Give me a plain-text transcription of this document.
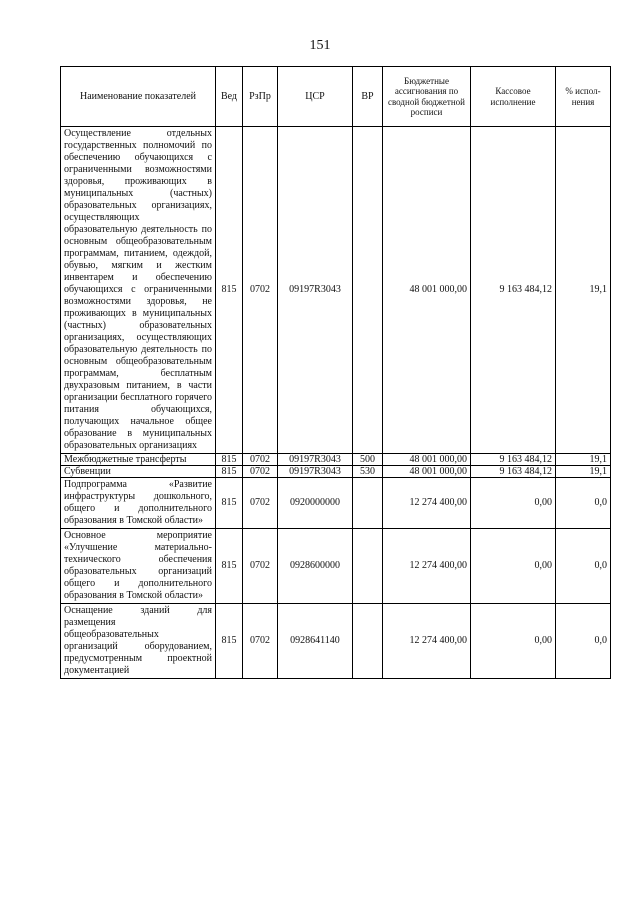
151
Наименование показателей	Вед	РзПр	ЦСР	ВР	Бюджетные ассигнования по сводной бюджетной росписи	Кассовое исполнение	% испол-нения
Осуществление отдельных государственных полномочий по обеспечению обучающихся с ограниченными возможностями здоровья, проживающих в муниципальных (частных) образовательных организациях, осуществляющих образовательную деятельность по основным общеобразовательным программам, питанием, одеждой, обувью, мягким и жестким инвентарем и обеспечению обучающихся с ограниченными возможностями здоровья, не проживающих в муниципальных (частных) образовательных организациях, осуществляющих образовательную деятельность по основным общеобразовательным программам, бесплатным двухразовым питанием, в части организации бесплатного горячего питания обучающихся, получающих начальное общее образование в муниципальных образовательных организациях	815	0702	09197R3043		48 001 000,00	9 163 484,12	19,1
Межбюджетные трансферты	815	0702	09197R3043	500	48 001 000,00	9 163 484,12	19,1
Субвенции	815	0702	09197R3043	530	48 001 000,00	9 163 484,12	19,1
Подпрограмма «Развитие инфраструктуры дошкольного, общего и дополнительного образования в Томской области»	815	0702	0920000000		12 274 400,00	0,00	0,0
Основное мероприятие «Улучшение материально-технического обеспечения образовательных организаций общего и дополнительного образования в Томской области»	815	0702	0928600000		12 274 400,00	0,00	0,0
Оснащение зданий для размещения общеобразовательных организаций оборудованием, предусмотренным проектной документацией	815	0702	0928641140		12 274 400,00	0,00	0,0
